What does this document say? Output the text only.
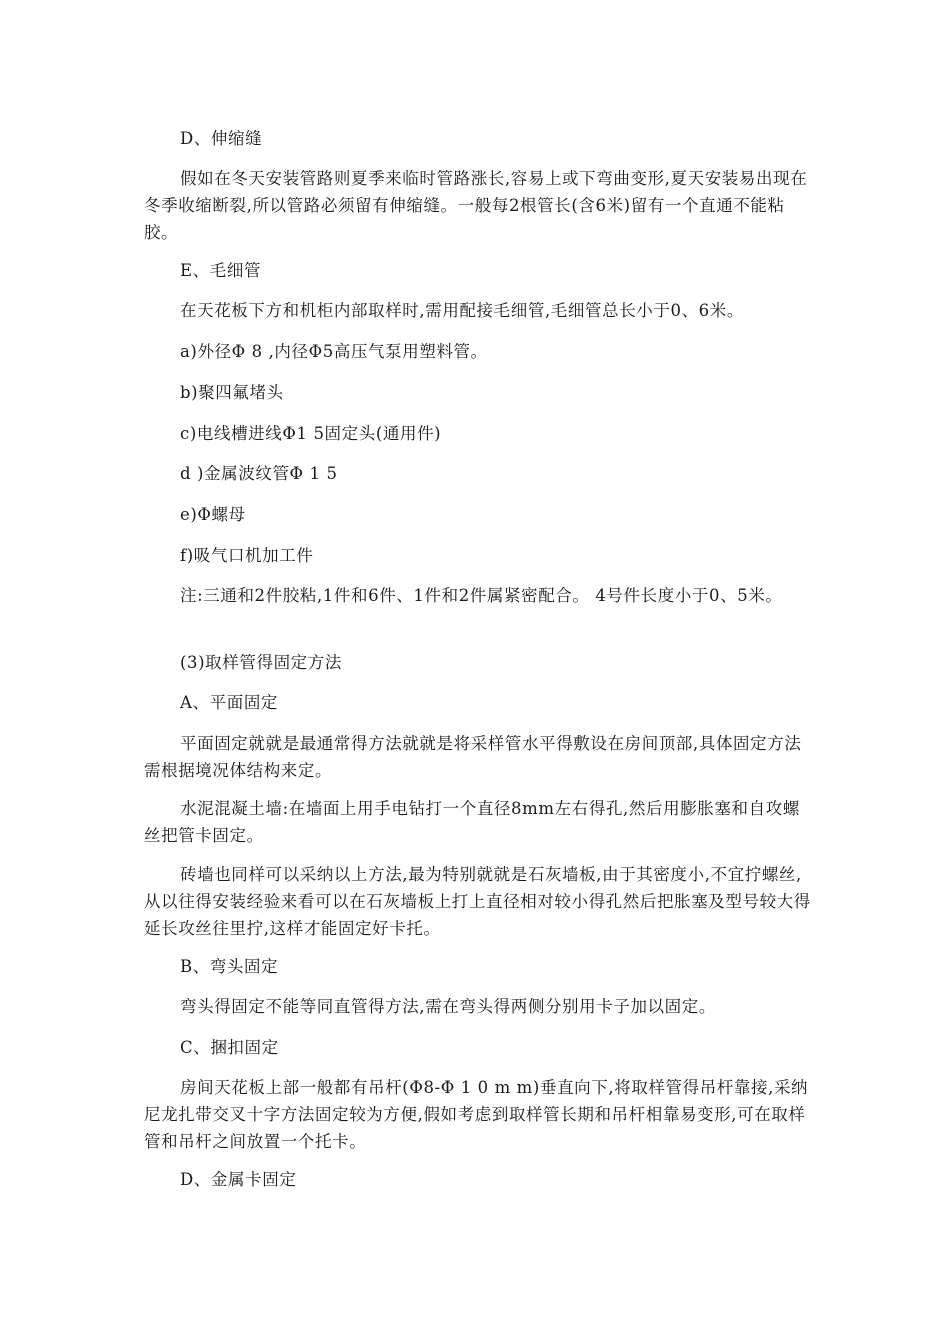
D、伸缩缝

假如在冬天安装管路则夏季来临时管路涨长,容易上或下弯曲变形,夏天安装易出现在冬季收缩断裂,所以管路必须留有伸缩缝。一般每2根管长(含6米)留有一个直通不能粘胶。

E、毛细管

在天花板下方和机柜内部取样时,需用配接毛细管,毛细管总长小于0、6米。

a)外径Φ 8 ,内径Φ5高压气泵用塑料管。

b)聚四氟堵头

c)电线槽进线Φ1 5固定头(通用件)

d )金属波纹管Φ 1 5

e)Φ螺母

f)吸气口机加工件

注:三通和2件胶粘,1件和6件、1件和2件属紧密配合。 4号件长度小于0、5米。

(3)取样管得固定方法

A、平面固定

平面固定就就是最通常得方法就就是将采样管水平得敷设在房间顶部,具体固定方法需根据境况体结构来定。

水泥混凝土墙:在墙面上用手电钻打一个直径8mm左右得孔,然后用膨胀塞和自攻螺丝把管卡固定。

砖墙也同样可以采纳以上方法,最为特别就就是石灰墙板,由于其密度小,不宜拧螺丝,从以往得安装经验来看可以在石灰墙板上打上直径相对较小得孔然后把胀塞及型号较大得延长攻丝往里拧,这样才能固定好卡托。

B、弯头固定

弯头得固定不能等同直管得方法,需在弯头得两侧分别用卡子加以固定。

C、捆扣固定

房间天花板上部一般都有吊杆(Φ8-Φ 1 0 m m)垂直向下,将取样管得吊杆靠接,采纳尼龙扎带交叉十字方法固定较为方便,假如考虑到取样管长期和吊杆相靠易变形,可在取样管和吊杆之间放置一个托卡。

D、金属卡固定
